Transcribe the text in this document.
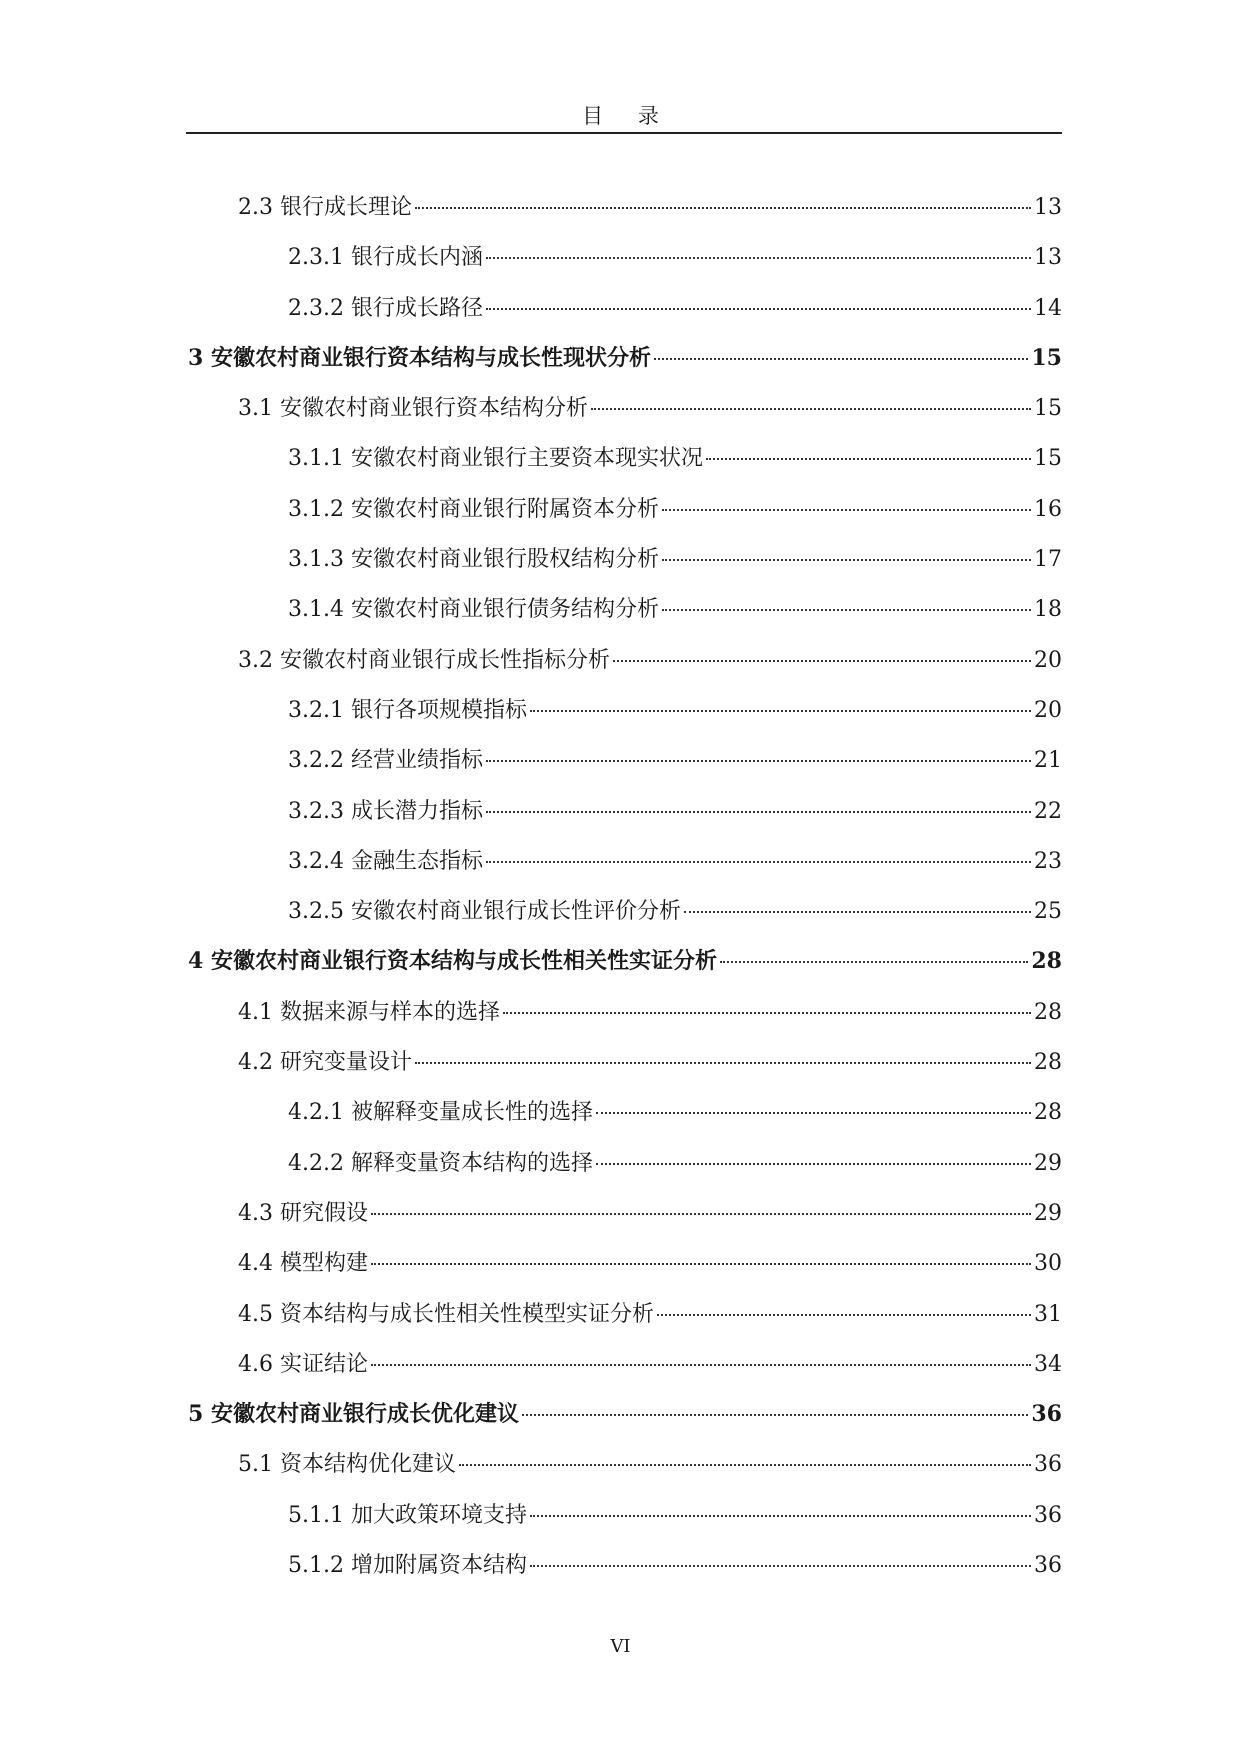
目 录
2.3 银行成长理论	13
2.3.1 银行成长内涵	13
2.3.2 银行成长路径	14
3 安徽农村商业银行资本结构与成长性现状分析	15
3.1 安徽农村商业银行资本结构分析	15
3.1.1 安徽农村商业银行主要资本现实状况	15
3.1.2 安徽农村商业银行附属资本分析	16
3.1.3 安徽农村商业银行股权结构分析	17
3.1.4 安徽农村商业银行债务结构分析	18
3.2 安徽农村商业银行成长性指标分析	20
3.2.1 银行各项规模指标	20
3.2.2 经营业绩指标	21
3.2.3 成长潜力指标	22
3.2.4 金融生态指标	23
3.2.5 安徽农村商业银行成长性评价分析	25
4 安徽农村商业银行资本结构与成长性相关性实证分析	28
4.1 数据来源与样本的选择	28
4.2 研究变量设计	28
4.2.1 被解释变量成长性的选择	28
4.2.2 解释变量资本结构的选择	29
4.3 研究假设	29
4.4 模型构建	30
4.5 资本结构与成长性相关性模型实证分析	31
4.6 实证结论	34
5 安徽农村商业银行成长优化建议	36
5.1 资本结构优化建议	36
5.1.1 加大政策环境支持	36
5.1.2 增加附属资本结构	36
VI
